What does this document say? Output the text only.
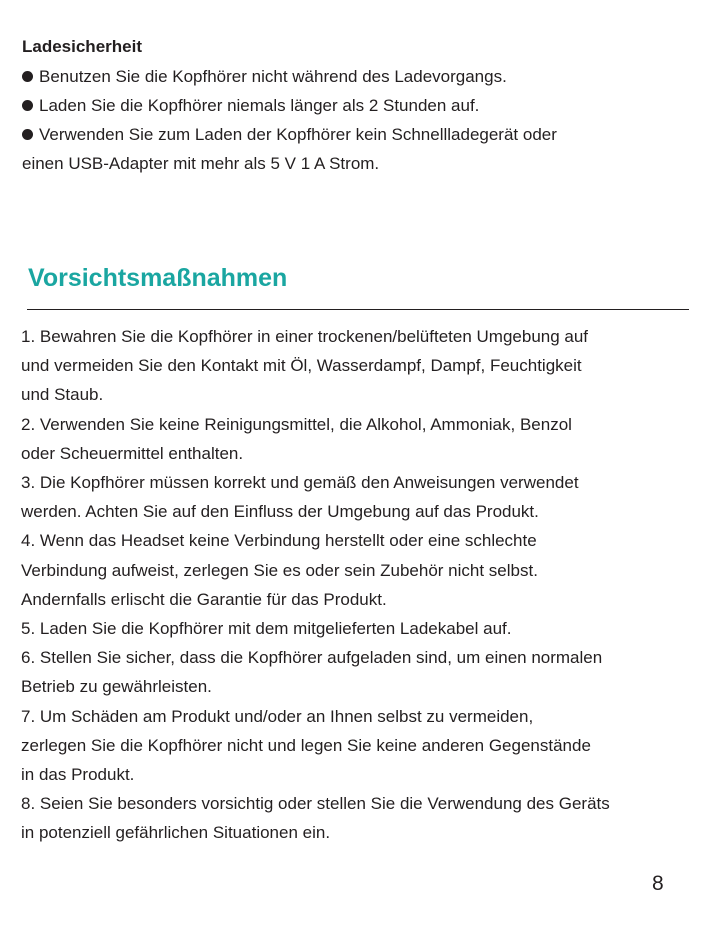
Ladesicherheit
Benutzen Sie die Kopfhörer nicht während des Ladevorgangs.
Laden Sie die Kopfhörer niemals länger als 2 Stunden auf.
Verwenden Sie zum Laden der Kopfhörer kein Schnellladegerät oder
einen USB-Adapter mit mehr als 5 V 1 A Strom.
Vorsichtsmaßnahmen
1. Bewahren Sie die Kopfhörer in einer trockenen/belüfteten Umgebung auf
und vermeiden Sie den Kontakt mit Öl, Wasserdampf, Dampf, Feuchtigkeit
und Staub.
2. Verwenden Sie keine Reinigungsmittel, die Alkohol, Ammoniak, Benzol
oder Scheuermittel enthalten.
3. Die Kopfhörer müssen korrekt und gemäß den Anweisungen verwendet
werden. Achten Sie auf den Einfluss der Umgebung auf das Produkt.
4. Wenn das Headset keine Verbindung herstellt oder eine schlechte
Verbindung aufweist, zerlegen Sie es oder sein Zubehör nicht selbst.
Andernfalls erlischt die Garantie für das Produkt.
5. Laden Sie die Kopfhörer mit dem mitgelieferten Ladekabel auf.
6. Stellen Sie sicher, dass die Kopfhörer aufgeladen sind, um einen normalen
Betrieb zu gewährleisten.
7. Um Schäden am Produkt und/oder an Ihnen selbst zu vermeiden,
zerlegen Sie die Kopfhörer nicht und legen Sie keine anderen Gegenstände
in das Produkt.
8. Seien Sie besonders vorsichtig oder stellen Sie die Verwendung des Geräts
in potenziell gefährlichen Situationen ein.
8
